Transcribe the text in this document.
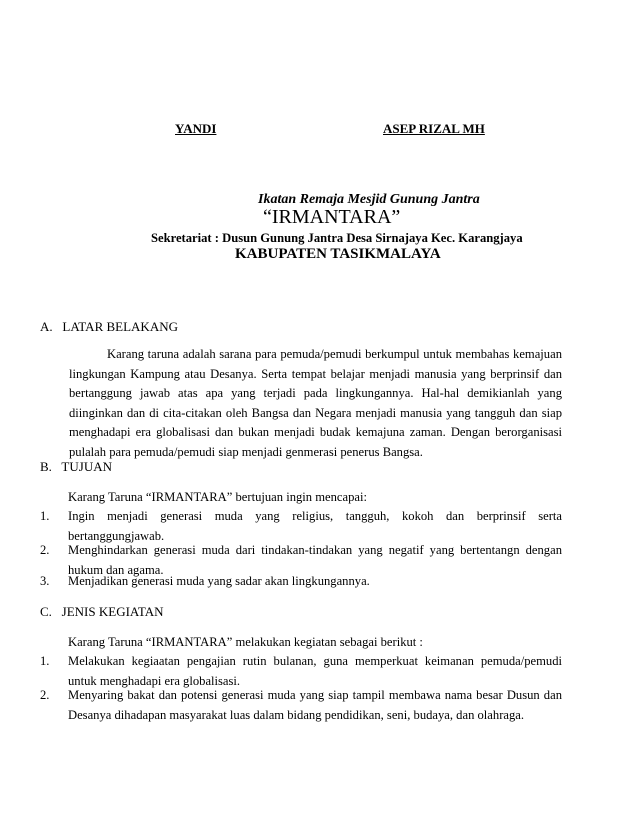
YANDI	ASEP RIZAL MH
Ikatan Remaja Mesjid Gunung Jantra
“IRMANTARA”
Sekretariat : Dusun Gunung Jantra Desa Sirnajaya Kec. Karangjaya
KABUPATEN TASIKMALAYA
A.   LATAR BELAKANG
Karang taruna adalah sarana para pemuda/pemudi berkumpul untuk membahas kemajuan lingkungan Kampung atau Desanya. Serta tempat belajar menjadi manusia yang berprinsif dan bertanggung jawab atas apa yang terjadi pada lingkungannya. Hal-hal demikianlah yang diinginkan dan di cita-citakan oleh Bangsa dan Negara menjadi manusia yang tangguh dan siap menghadapi era globalisasi dan bukan menjadi budak kemajuna zaman. Dengan berorganisasi pulalah para pemuda/pemudi siap menjadi genmerasi penerus Bangsa.
B.   TUJUAN
Karang Taruna “IRMANTARA” bertujuan ingin mencapai:
1. Ingin menjadi generasi muda yang religius, tangguh, kokoh dan berprinsif serta bertanggungjawab.
2. Menghindarkan generasi muda dari tindakan-tindakan yang negatif yang bertentangn dengan hukum dan agama.
3. Menjadikan generasi muda yang sadar akan lingkungannya.
C.   JENIS KEGIATAN
Karang Taruna “IRMANTARA” melakukan kegiatan sebagai berikut :
1. Melakukan kegiaatan pengajian rutin bulanan, guna memperkuat keimanan pemuda/pemudi untuk menghadapi era globalisasi.
2. Menyaring bakat dan potensi generasi muda yang siap tampil membawa nama besar Dusun dan Desanya dihadapan masyarakat luas dalam bidang pendidikan, seni, budaya, dan olahraga.
